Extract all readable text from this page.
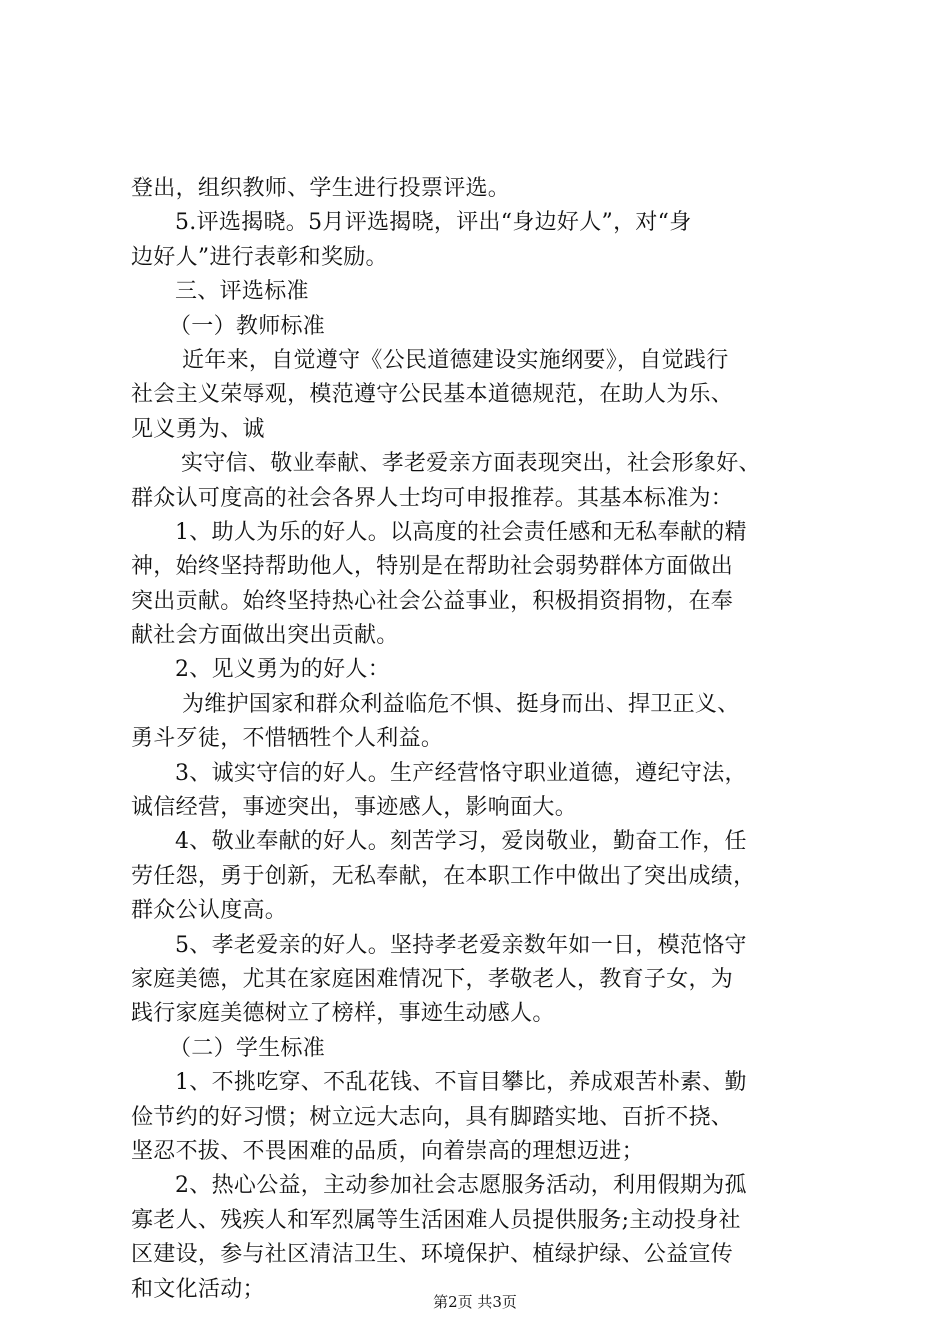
登出，组织教师、学生进行投票评选。
5.评选揭晓。5月评选揭晓，评出“身边好人”，对“身
边好人”进行表彰和奖励。
三、评选标准
（一）教师标准
近年来，自觉遵守《公民道德建设实施纲要》，自觉践行
社会主义荣辱观，模范遵守公民基本道德规范，在助人为乐、
见义勇为、诚
实守信、敬业奉献、孝老爱亲方面表现突出，社会形象好、
群众认可度高的社会各界人士均可申报推荐。其基本标准为：
1、助人为乐的好人。以高度的社会责任感和无私奉献的精
神，始终坚持帮助他人，特别是在帮助社会弱势群体方面做出
突出贡献。始终坚持热心社会公益事业，积极捐资捐物，在奉
献社会方面做出突出贡献。
2、见义勇为的好人：
为维护国家和群众利益临危不惧、挺身而出、捍卫正义、
勇斗歹徒，不惜牺牲个人利益。
3、诚实守信的好人。生产经营恪守职业道德，遵纪守法，
诚信经营，事迹突出，事迹感人，影响面大。
4、敬业奉献的好人。刻苦学习，爱岗敬业，勤奋工作，任
劳任怨，勇于创新，无私奉献，在本职工作中做出了突出成绩，
群众公认度高。
5、孝老爱亲的好人。坚持孝老爱亲数年如一日，模范恪守
家庭美德，尤其在家庭困难情况下，孝敬老人，教育子女，为
践行家庭美德树立了榜样，事迹生动感人。
（二）学生标准
1、不挑吃穿、不乱花钱、不盲目攀比，养成艰苦朴素、勤
俭节约的好习惯；树立远大志向，具有脚踏实地、百折不挠、
坚忍不拔、不畏困难的品质，向着崇高的理想迈进；
2、热心公益，主动参加社会志愿服务活动，利用假期为孤
寡老人、残疾人和军烈属等生活困难人员提供服务;主动投身社
区建设，参与社区清洁卫生、环境保护、植绿护绿、公益宣传
和文化活动；
第2页 共3页
